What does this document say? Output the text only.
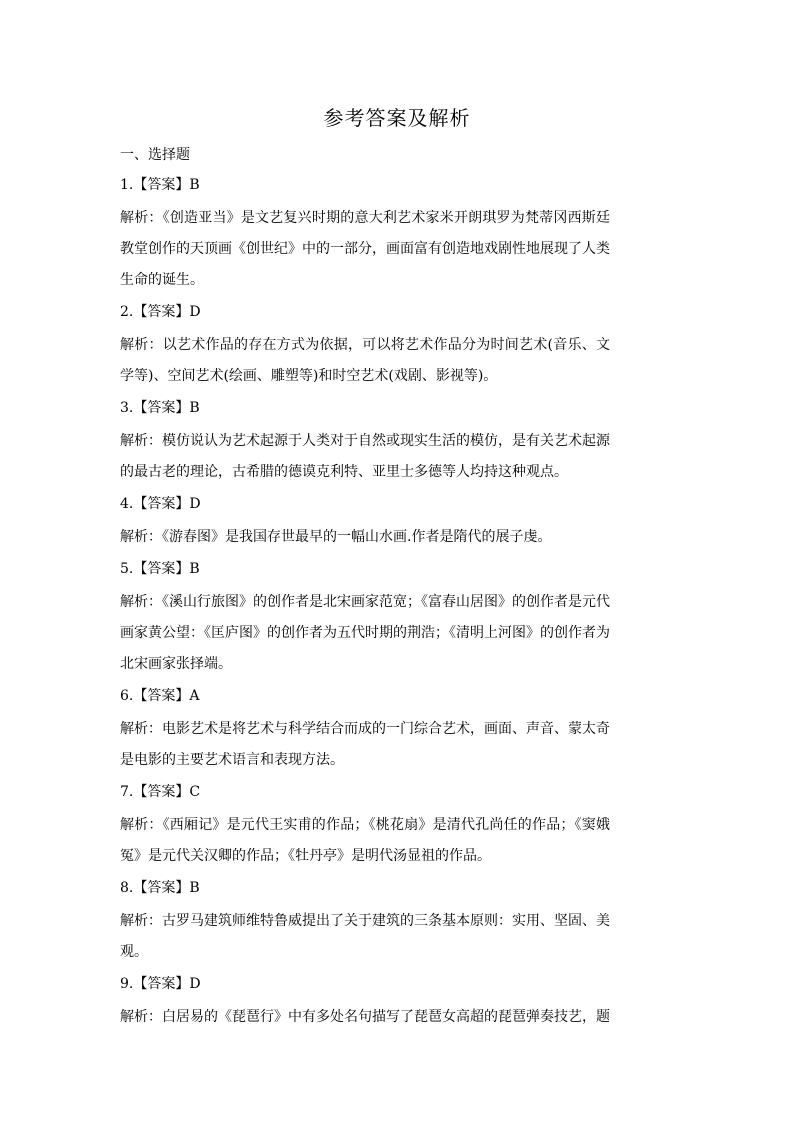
参考答案及解析
一、选择题
1.【答案】B
解析：《创造亚当》是文艺复兴时期的意大利艺术家米开朗琪罗为梵蒂冈西斯廷教堂创作的天顶画《创世纪》中的一部分，画面富有创造地戏剧性地展现了人类生命的诞生。
2.【答案】D
解析：以艺术作品的存在方式为依据，可以将艺术作品分为时间艺术(音乐、文学等)、空间艺术(绘画、雕塑等)和时空艺术(戏剧、影视等)。
3.【答案】B
解析：模仿说认为艺术起源于人类对于自然或现实生活的模仿，是有关艺术起源的最古老的理论，古希腊的德谟克利特、亚里士多德等人均持这种观点。
4.【答案】D
解析：《游春图》是我国存世最早的一幅山水画.作者是隋代的展子虔。
5.【答案】B
解析：《溪山行旅图》的创作者是北宋画家范宽；《富春山居图》的创作者是元代画家黄公望：《匡庐图》的创作者为五代时期的荆浩；《清明上河图》的创作者为北宋画家张择端。
6.【答案】A
解析：电影艺术是将艺术与科学结合而成的一门综合艺术，画面、声音、蒙太奇是电影的主要艺术语言和表现方法。
7.【答案】C
解析：《西厢记》是元代王实甫的作品；《桃花扇》是清代孔尚任的作品；《窦娥冤》是元代关汉卿的作品；《牡丹亭》是明代汤显祖的作品。
8.【答案】B
解析：古罗马建筑师维特鲁威提出了关于建筑的三条基本原则：实用、坚固、美观。
9.【答案】D
解析：白居易的《琵琶行》中有多处名句描写了琵琶女高超的琵琶弹奏技艺，题
